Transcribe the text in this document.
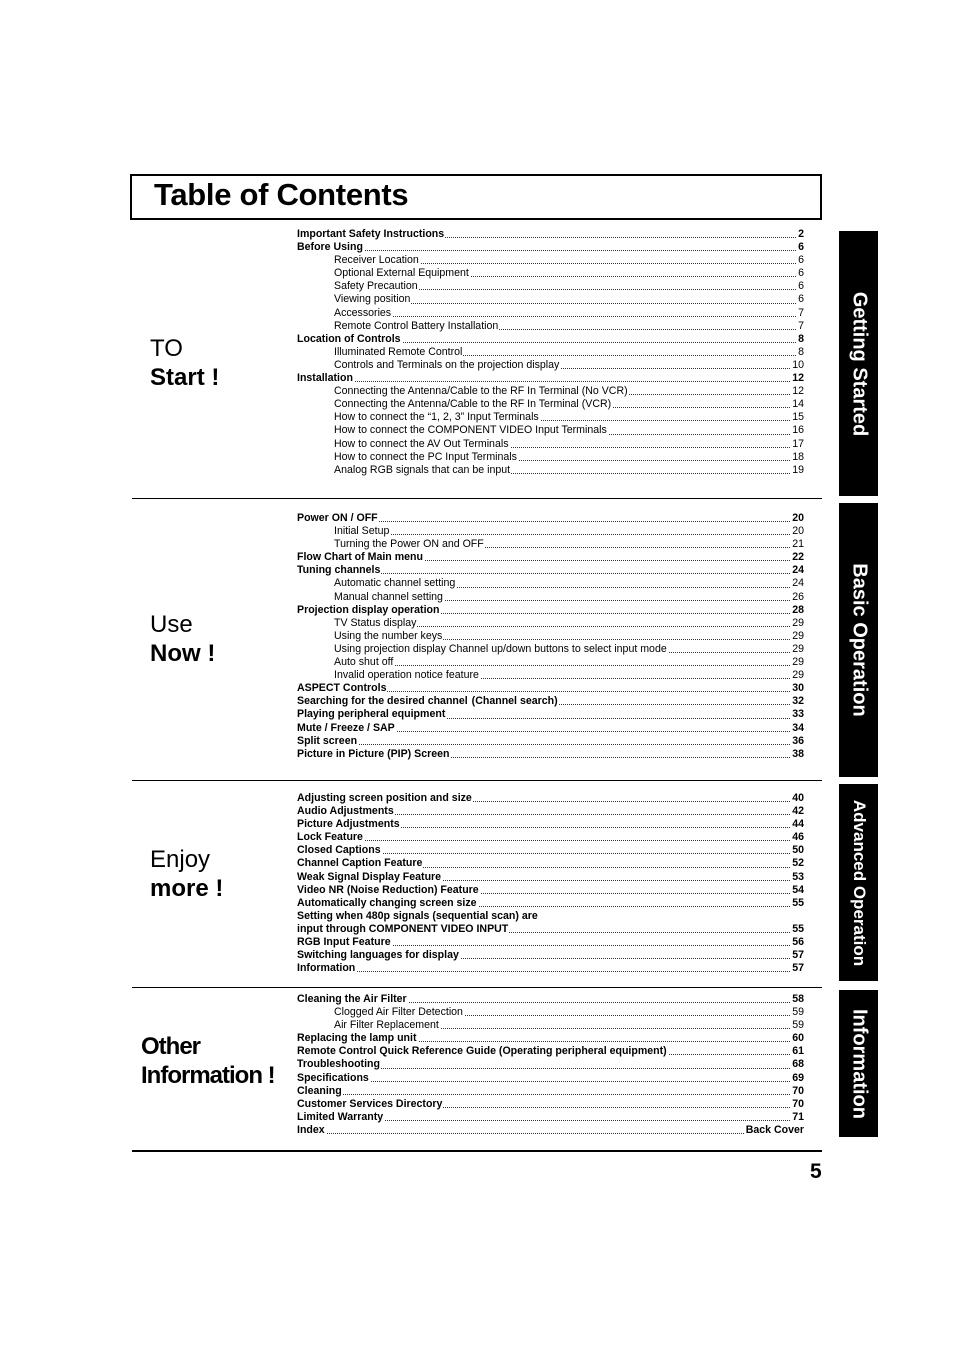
Table of Contents
TO
Start !
Use
Now !
Enjoy
more !
Other
Information !
Important Safety Instructions	2
Before Using	6
Receiver Location	6
Optional External Equipment	6
Safety Precaution	6
Viewing position	6
Accessories	7
Remote Control Battery Installation	7
Location of Controls	8
Illuminated Remote Control	8
Controls and Terminals on the projection display	10
Installation	12
Connecting the Antenna/Cable to the RF In Terminal (No VCR)	12
Connecting the Antenna/Cable to the RF In Terminal (VCR)	14
How to connect the “1, 2, 3” Input Terminals	15
How to connect the COMPONENT VIDEO Input Terminals	16
How to connect the AV Out Terminals	17
How to connect the PC Input Terminals	18
Analog RGB signals that can be input	19
Power ON / OFF	20
Initial Setup	20
Turning the Power ON and OFF	21
Flow Chart of Main menu	22
Tuning channels	24
Automatic channel setting	24
Manual channel setting	26
Projection display operation	28
TV Status display	29
Using the number keys	29
Using projection display Channel up/down buttons to select input mode	29
Auto shut off	29
Invalid operation notice feature	29
ASPECT Controls	30
Searching for the desired channel (Channel search)	32
Playing peripheral equipment	33
Mute / Freeze / SAP	34
Split screen	36
Picture in Picture (PIP) Screen	38
Adjusting screen position and size	40
Audio Adjustments	42
Picture Adjustments	44
Lock Feature	46
Closed Captions	50
Channel Caption Feature	52
Weak Signal Display Feature	53
Video NR (Noise Reduction) Feature	54
Automatically changing screen size	55
Setting when 480p signals (sequential scan) are
input through COMPONENT VIDEO INPUT	55
RGB Input Feature	56
Switching languages for display	57
Information	57
Cleaning the Air Filter	58
Clogged Air Filter Detection	59
Air Filter Replacement	59
Replacing the lamp unit	60
Remote Control Quick Reference Guide (Operating peripheral equipment)	61
Troubleshooting	68
Specifications	69
Cleaning	70
Customer Services Directory	70
Limited Warranty	71
Index	Back Cover
Getting Started
Basic Operation
Advanced Operation
Information
5
